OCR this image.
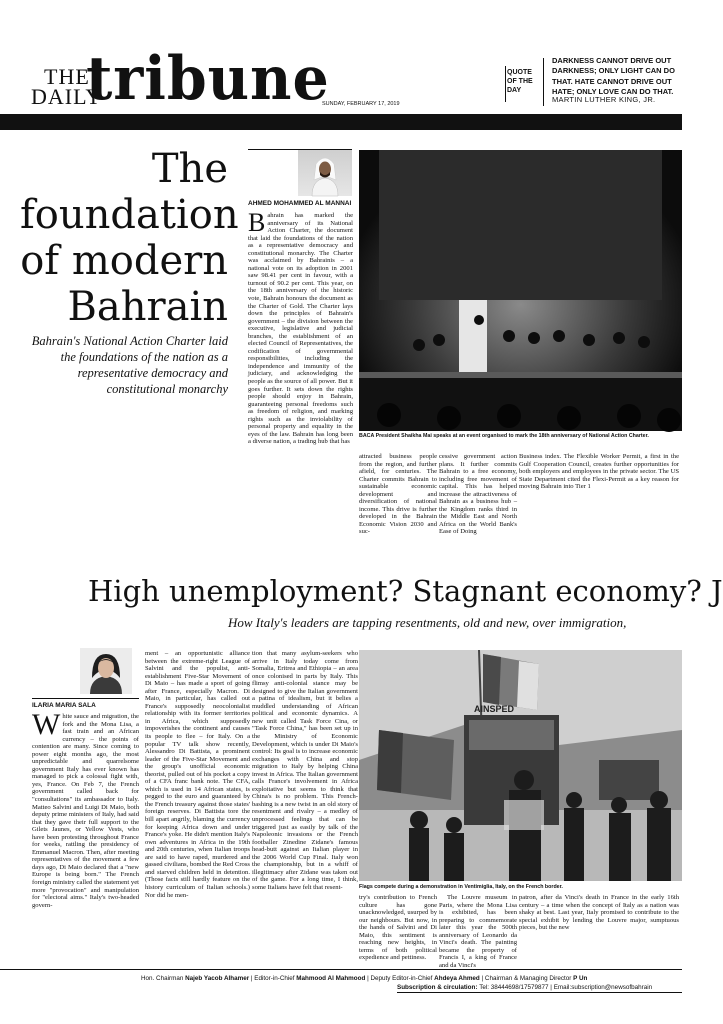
THE
DAILY
tribune
SUNDAY, FEBRUARY 17, 2019
QUOTE
OF THE
DAY
DARKNESS CANNOT DRIVE OUT
DARKNESS; ONLY LIGHT CAN DO
THAT. HATE CANNOT DRIVE OUT
HATE; ONLY LOVE CAN DO THAT.
MARTIN LUTHER KING, JR.
The
foundation
of modern
Bahrain
Bahrain's National Action Charter laid the foundations of the nation as a representative democracy and constitutional monarchy
AHMED MOHAMMED AL MANNAI
Bahrain has marked the anniversary of its National Action Charter, the document that laid the foundations of the nation as a representative democracy and constitutional monarchy. The Charter was acclaimed by Bahrainis – a national vote on its adoption in 2001 saw 98.41 per cent in favour, with a turnout of 90.2 per cent. This year, on the 18th anniversary of the historic vote, Bahrain honours the document as the Charter of Gold. The Charter lays down the principles of Bahrain's government – the division between the executive, legislative and judicial branches, the establishment of an elected Council of Representatives, the codification of governmental responsibilities, including the independence and immunity of the judiciary, and acknowledging the people as the source of all power. But it goes further. It sets down the rights people should enjoy in Bahrain, guaranteeing personal freedoms such as freedom of religion, and marking rights such as the inviolability of personal property and equality in the eyes of the law. Bahrain has long been a diverse nation, a trading hub that has
BACA President Shaikha Mai speaks at an event organised to mark the 18th anniversary of National Action Charter.
attracted business people from the region, and further afield, for centuries. The Charter commits Bahrain to sustainable economic development and diversification of national income. This drive is further developed in the Bahrain Economic Vision 2030 and suc-
cessive government action plans. It further commits Bahrain to a free economy, including free movement of capital. This has helped increase the attractiveness of Bahrain as a business hub – the Kingdom ranks third in the Middle East and North Africa on the World Bank's Ease of Doing
Business index. The Flexible Worker Permit, a first in the Gulf Cooperation Council, creates further opportunities for both employers and employees in the private sector. The US State Department cited the Flexi-Permit as a key reason for moving Bahrain into Tier 1
High unemployment? Stagnant economy? J
How Italy's leaders are tapping resentments, old and new, over immigration,
ILARIA MARIA SALA
White sauce and migration, the fork and the Mona Lisa, a fast train and an African currency – the points of contention are many. Since coming to power eight months ago, the most unpredictable and quarrelsome government Italy has ever known has managed to pick a colossal fight with, yes, France. On Feb 7, the French government called back for "consultations" its ambassador to Italy. Matteo Salvini and Luigi Di Maio, both deputy prime ministers of Italy, had said that they gave their full support to the Gilets Jaunes, or Yellow Vests, who have been protesting throughout France for weeks, rattling the presidency of Emmanuel Macron. Then, after meeting representatives of the movement a few days ago, Di Maio declared that a "new Europe is being born." The French foreign ministry called the statement yet more "provocation" and manipulation for "electoral aims." Italy's two-headed govern-
ment – an opportunistic alliance between the extreme-right League of Salvini and the populist, anti-establishment Five-Star Movement of Di Maio – has made a sport of going after France, especially Macron. Di Maio, in particular, has called out France's supposedly neocolonialist relationship with its former territories in Africa, which supposedly impoverishes the continent and causes its people to flee – for Italy. On a popular TV talk show recently, Alessandro Di Battista, a prominent leader of the Five-Star Movement and the group's unofficial economic theorist, pulled out of his pocket a copy of a CFA franc bank note. The CFA, which is used in 14 African states, is pegged to the euro and guaranteed by the French treasury against those states' foreign reserves. Di Battista tore the bill apart angrily, blaming the currency for keeping Africa down and under France's yoke. He didn't mention Italy's own adventures in Africa in the 19th and 20th centuries, when Italian troops are said to have raped, murdered and gassed civilians, bombed the Red Cross and starved children held in detention. (Those facts still hardly feature on the history curriculum of Italian schools.) Nor did he men-
tion that many asylum-seekers who arrive in Italy today come from Somalia, Eritrea and Ethiopia – an area once colonised in parts by Italy. This flimsy anti-colonial stance may be designed to give the Italian government a patina of idealism, but it belies a muddled understanding of African political and economic dynamics. A new unit called Task Force Cina, or "Task Force China," has been set up in the Ministry of Economic Development, which is under Di Maio's control: Its goal is to increase economic exchanges with China and stop migration to Italy by helping China invest in Africa. The Italian government calls France's involvement in Africa exploitative but seems to think that China's is no problem. This French-bashing is a new twist in an old story of resentment and rivalry – a medley of unprocessed feelings that can be triggered just as easily by talk of the Napoleonic invasions or the French footballer Zinedine Zidane's famous head-butt against an Italian player in the 2006 World Cup Final. Italy won the championship, but in a whiff of illegitimacy after Zidane was taken out of the game. For a long time, I think, some Italians have felt that resent-
AINSPED
Flags compete during a demonstration in Ventimiglia, Italy, on the French border.
try's contribution to French culture has gone unacknowledged, usurped by our neighbours. But now, in the hands of Salvini and Di Maio, this sentiment is reaching new heights, in terms of both political expedience and pettiness.
The Louvre museum in Paris, where the Mona Lisa is exhibited, has been preparing to commemorate later this year the 500th anniversary of Leonardo da Vinci's death. The painting became the property of Francis I, a king of France and da Vinci's
patron, after da Vinci's death in France in the early 16th century – a time when the concept of Italy as a nation was shaky at best. Last year, Italy promised to contribute to the special exhibit by lending the Louvre major, sumptuous pieces, but the new
Hon. Chairman Najeb Yacob Alhamer | Editor-in-Chief Mahmood Al Mahmood | Deputy Editor-in-Chief Ahdeya Ahmed | Chairman & Managing Director P Un
Subscription & circulation: Tel: 38444698/17579877 | Email:subscription@newsofbahrain
